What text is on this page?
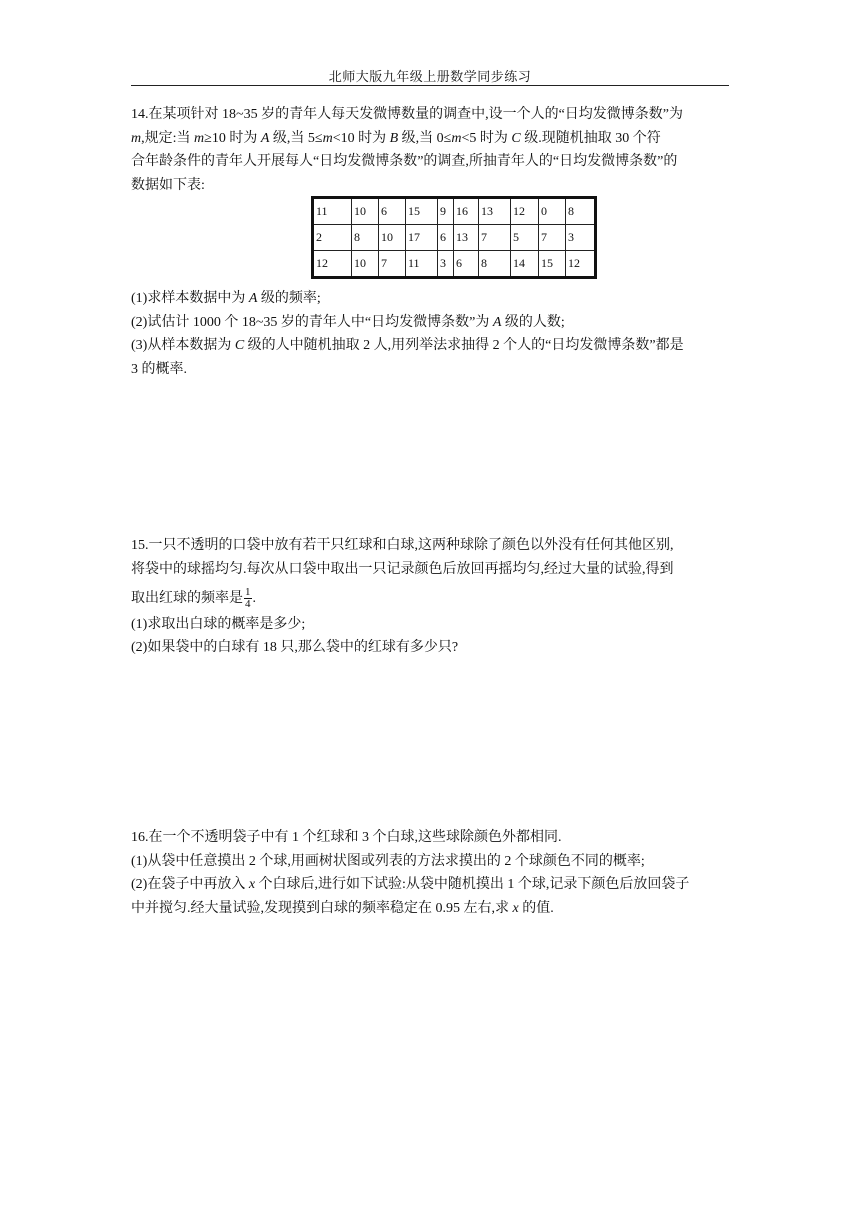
北师大版九年级上册数学同步练习
14.在某项针对 18~35 岁的青年人每天发微博数量的调查中,设一个人的“日均发微博条数”为
m,规定:当 m≥10 时为 A 级,当 5≤m<10 时为 B 级,当 0≤m<5 时为 C 级.现随机抽取 30 个符
合年龄条件的青年人开展每人“日均发微博条数”的调查,所抽青年人的“日均发微博条数”的
数据如下表:
11	10	6	15	9	16	13	12	0	8
2	8	10	17	6	13	7	5	7	3
12	10	7	11	3	6	8	14	15	12
(1)求样本数据中为 A 级的频率;
(2)试估计 1000 个 18~35 岁的青年人中“日均发微博条数”为 A 级的人数;
(3)从样本数据为 C 级的人中随机抽取 2 人,用列举法求抽得 2 个人的“日均发微博条数”都是
3 的概率.
15.一只不透明的口袋中放有若干只红球和白球,这两种球除了颜色以外没有任何其他区别,
将袋中的球摇均匀.每次从口袋中取出一只记录颜色后放回再摇均匀,经过大量的试验,得到
取出红球的频率是 $\frac{1}{4}$ .
(1)求取出白球的概率是多少;
(2)如果袋中的白球有 18 只,那么袋中的红球有多少只?
16.在一个不透明袋子中有 1 个红球和 3 个白球,这些球除颜色外都相同.
(1)从袋中任意摸出 2 个球,用画树状图或列表的方法求摸出的 2 个球颜色不同的概率;
(2)在袋子中再放入 x 个白球后,进行如下试验:从袋中随机摸出 1 个球,记录下颜色后放回袋子
中并搅匀.经大量试验,发现摸到白球的频率稳定在 0.95 左右,求 x 的值.
